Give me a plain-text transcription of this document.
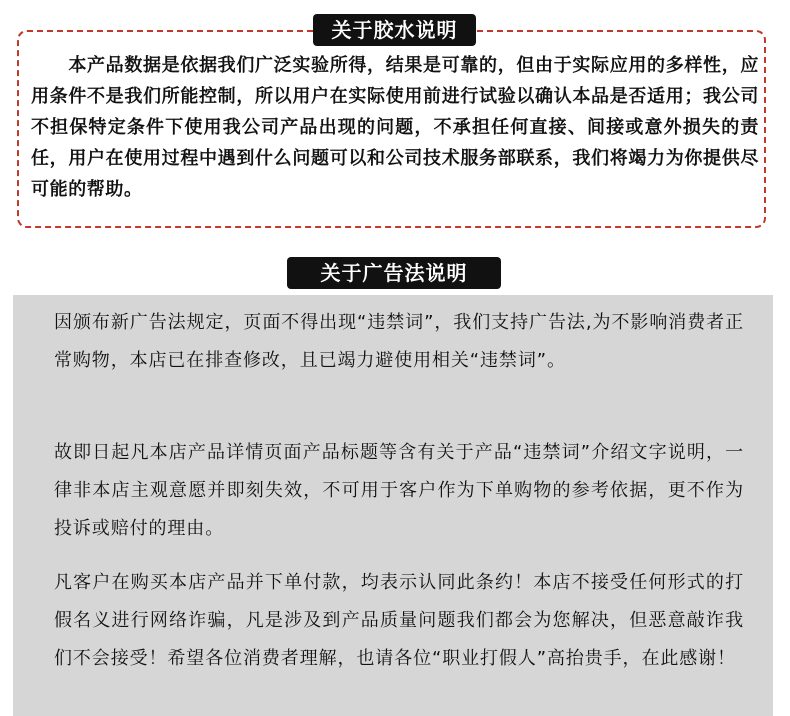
关于胶水说明
　　本产品数据是依据我们广泛实验所得，结果是可靠的，但由于实际应用的多样性，应用条件不是我们所能控制，所以用户在实际使用前进行试验以确认本品是否适用；我公司不担保特定条件下使用我公司产品出现的问题，不承担任何直接、间接或意外损失的责任，用户在使用过程中遇到什么问题可以和公司技术服务部联系，我们将竭力为你提供尽可能的帮助。
关于广告法说明
因颁布新广告法规定，页面不得出现“违禁词”，我们支持广告法,为不影响消费者正常购物，本店已在排查修改，且已竭力避使用相关“违禁词”。
故即日起凡本店产品详情页面产品标题等含有关于产品“违禁词”介绍文字说明，一律非本店主观意愿并即刻失效，不可用于客户作为下单购物的参考依据，更不作为投诉或赔付的理由。
凡客户在购买本店产品并下单付款，均表示认同此条约！本店不接受任何形式的打假名义进行网络诈骗，凡是涉及到产品质量问题我们都会为您解决，但恶意敲诈我们不会接受！希望各位消费者理解，也请各位“职业打假人”高抬贵手，在此感谢！
